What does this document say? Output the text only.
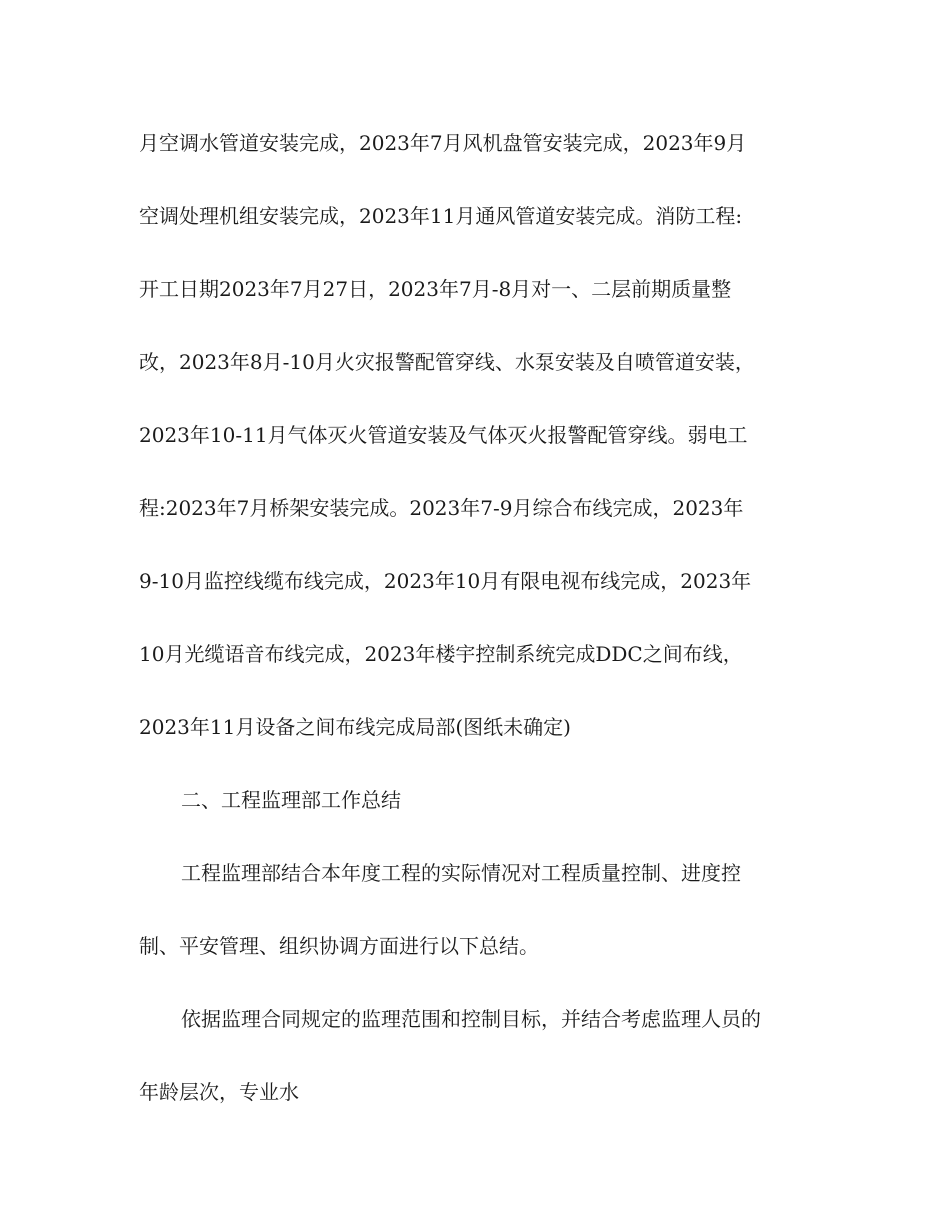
月空调水管道安装完成，2023年7月风机盘管安装完成，2023年9月
空调处理机组安装完成，2023年11月通风管道安装完成。消防工程:
开工日期2023年7月27日，2023年7月-8月对一、二层前期质量整
改，2023年8月-10月火灾报警配管穿线、水泵安装及自喷管道安装，
2023年10-11月气体灭火管道安装及气体灭火报警配管穿线。弱电工
程:2023年7月桥架安装完成。2023年7-9月综合布线完成，2023年
9-10月监控线缆布线完成，2023年10月有限电视布线完成，2023年
10月光缆语音布线完成，2023年楼宇控制系统完成DDC之间布线，
2023年11月设备之间布线完成局部(图纸未确定)
二、工程监理部工作总结
工程监理部结合本年度工程的实际情况对工程质量控制、进度控
制、平安管理、组织协调方面进行以下总结。
依据监理合同规定的监理范围和控制目标，并结合考虑监理人员的
年龄层次，专业水
